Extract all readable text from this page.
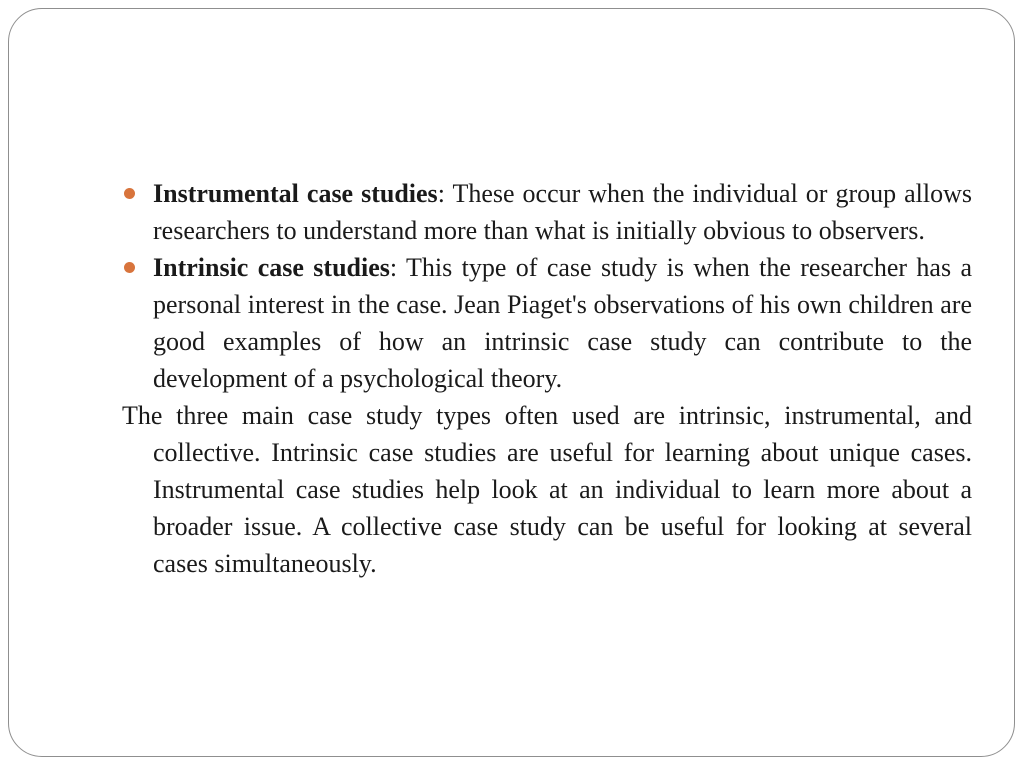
Instrumental case studies: These occur when the individual or group allows researchers to understand more than what is initially obvious to observers.

Intrinsic case studies: This type of case study is when the researcher has a personal interest in the case. Jean Piaget's observations of his own children are good examples of how an intrinsic case study can contribute to the development of a psychological theory.

The three main case study types often used are intrinsic, instrumental, and collective. Intrinsic case studies are useful for learning about unique cases. Instrumental case studies help look at an individual to learn more about a broader issue. A collective case study can be useful for looking at several cases simultaneously.
